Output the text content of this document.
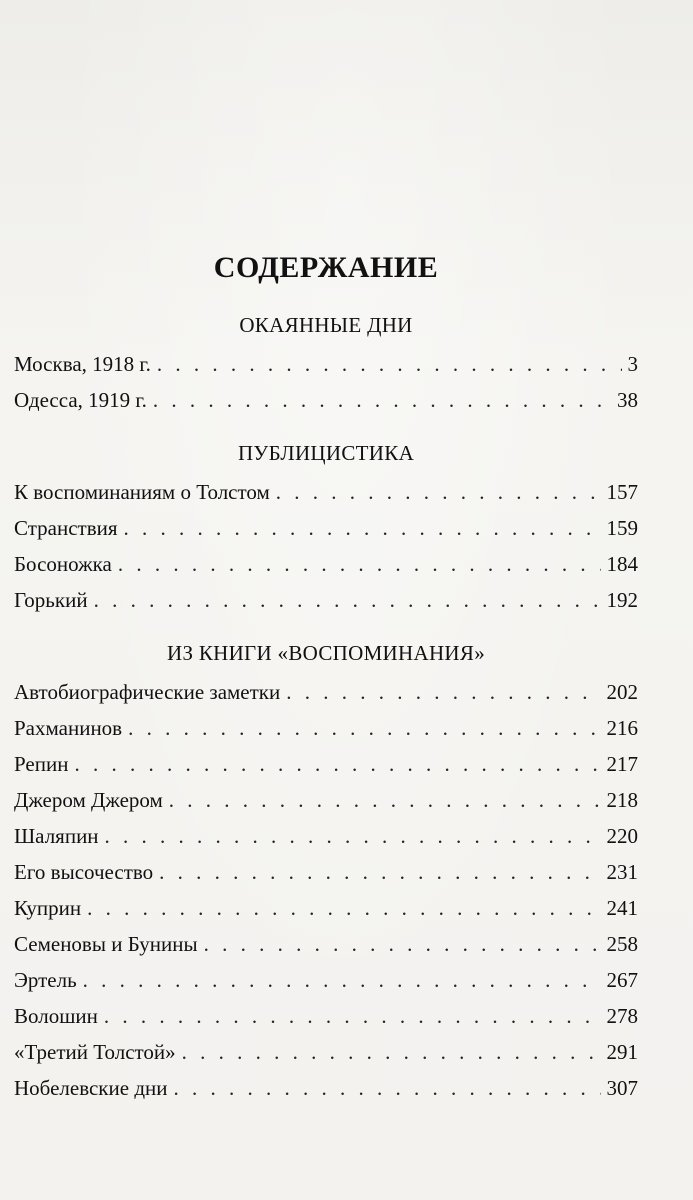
СОДЕРЖАНИЕ
ОКАЯННЫЕ ДНИ
Москва, 1918 г. . . .	3
Одесса, 1919 г. . . .	38
ПУБЛИЦИСТИКА
К воспоминаниям о Толстом . . .	157
Странствия . . .	159
Босоножка . . .	184
Горький . . .	192
ИЗ КНИГИ «ВОСПОМИНАНИЯ»
Автобиографические заметки . . .	202
Рахманинов . . .	216
Репин . . .	217
Джером Джером . . .	218
Шаляпин . . .	220
Его высочество . . .	231
Куприн . . .	241
Семеновы и Бунины . . .	258
Эртель . . .	267
Волошин . . .	278
«Третий Толстой» . . .	291
Нобелевские дни . . .	307
